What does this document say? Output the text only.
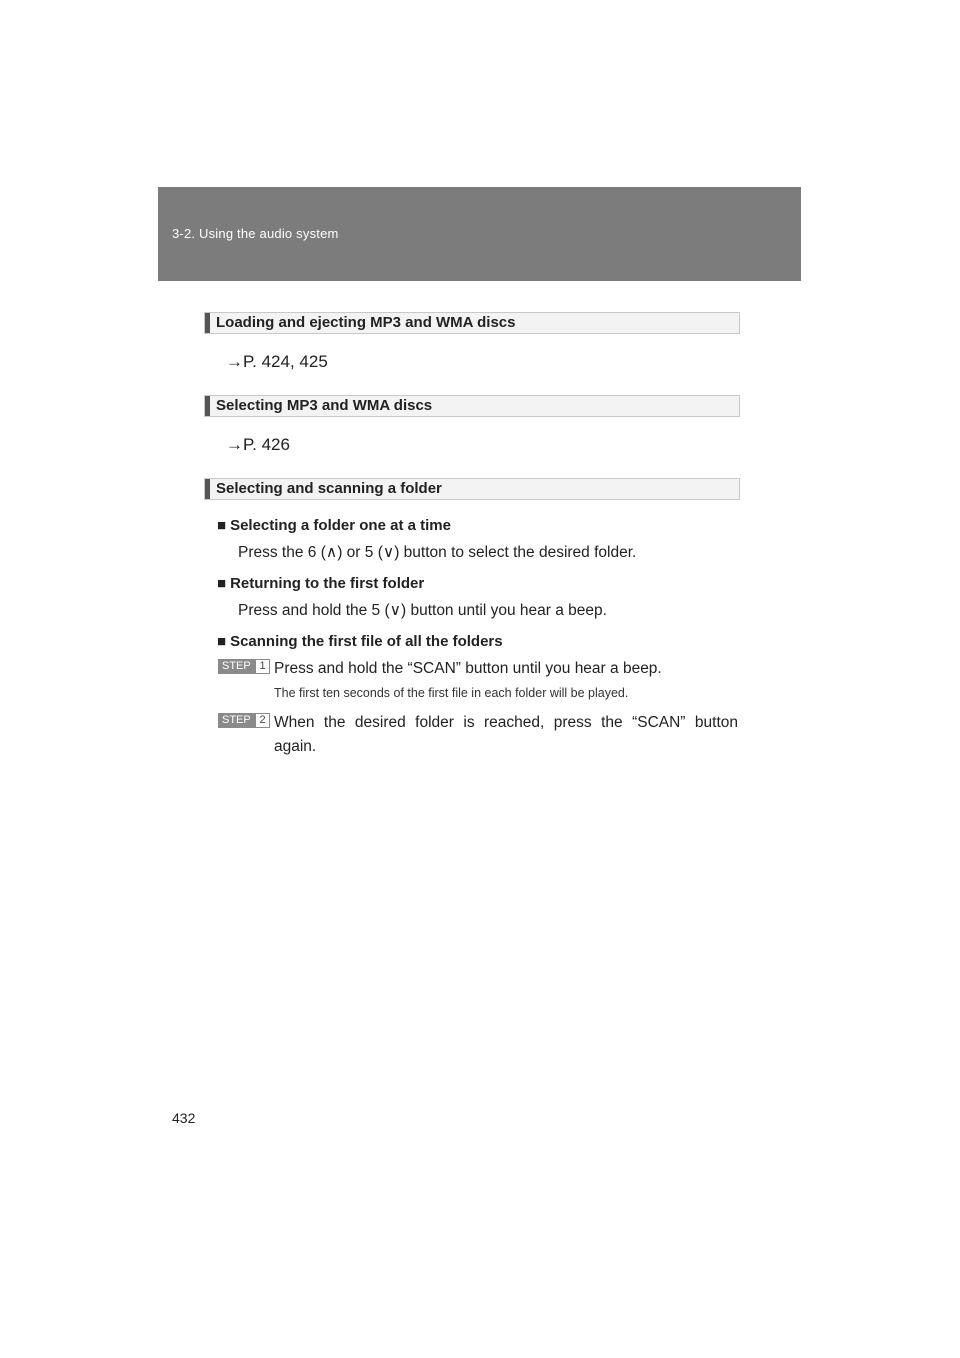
3-2. Using the audio system
Loading and ejecting MP3 and WMA discs
→P. 424, 425
Selecting MP3 and WMA discs
→P. 426
Selecting and scanning a folder
■ Selecting a folder one at a time
Press the 6 (∧) or 5 (∨) button to select the desired folder.
■ Returning to the first folder
Press and hold the 5 (∨) button until you hear a beep.
■ Scanning the first file of all the folders
STEP 1 Press and hold the “SCAN” button until you hear a beep.
The first ten seconds of the first file in each folder will be played.
STEP 2 When the desired folder is reached, press the “SCAN” button again.
432
